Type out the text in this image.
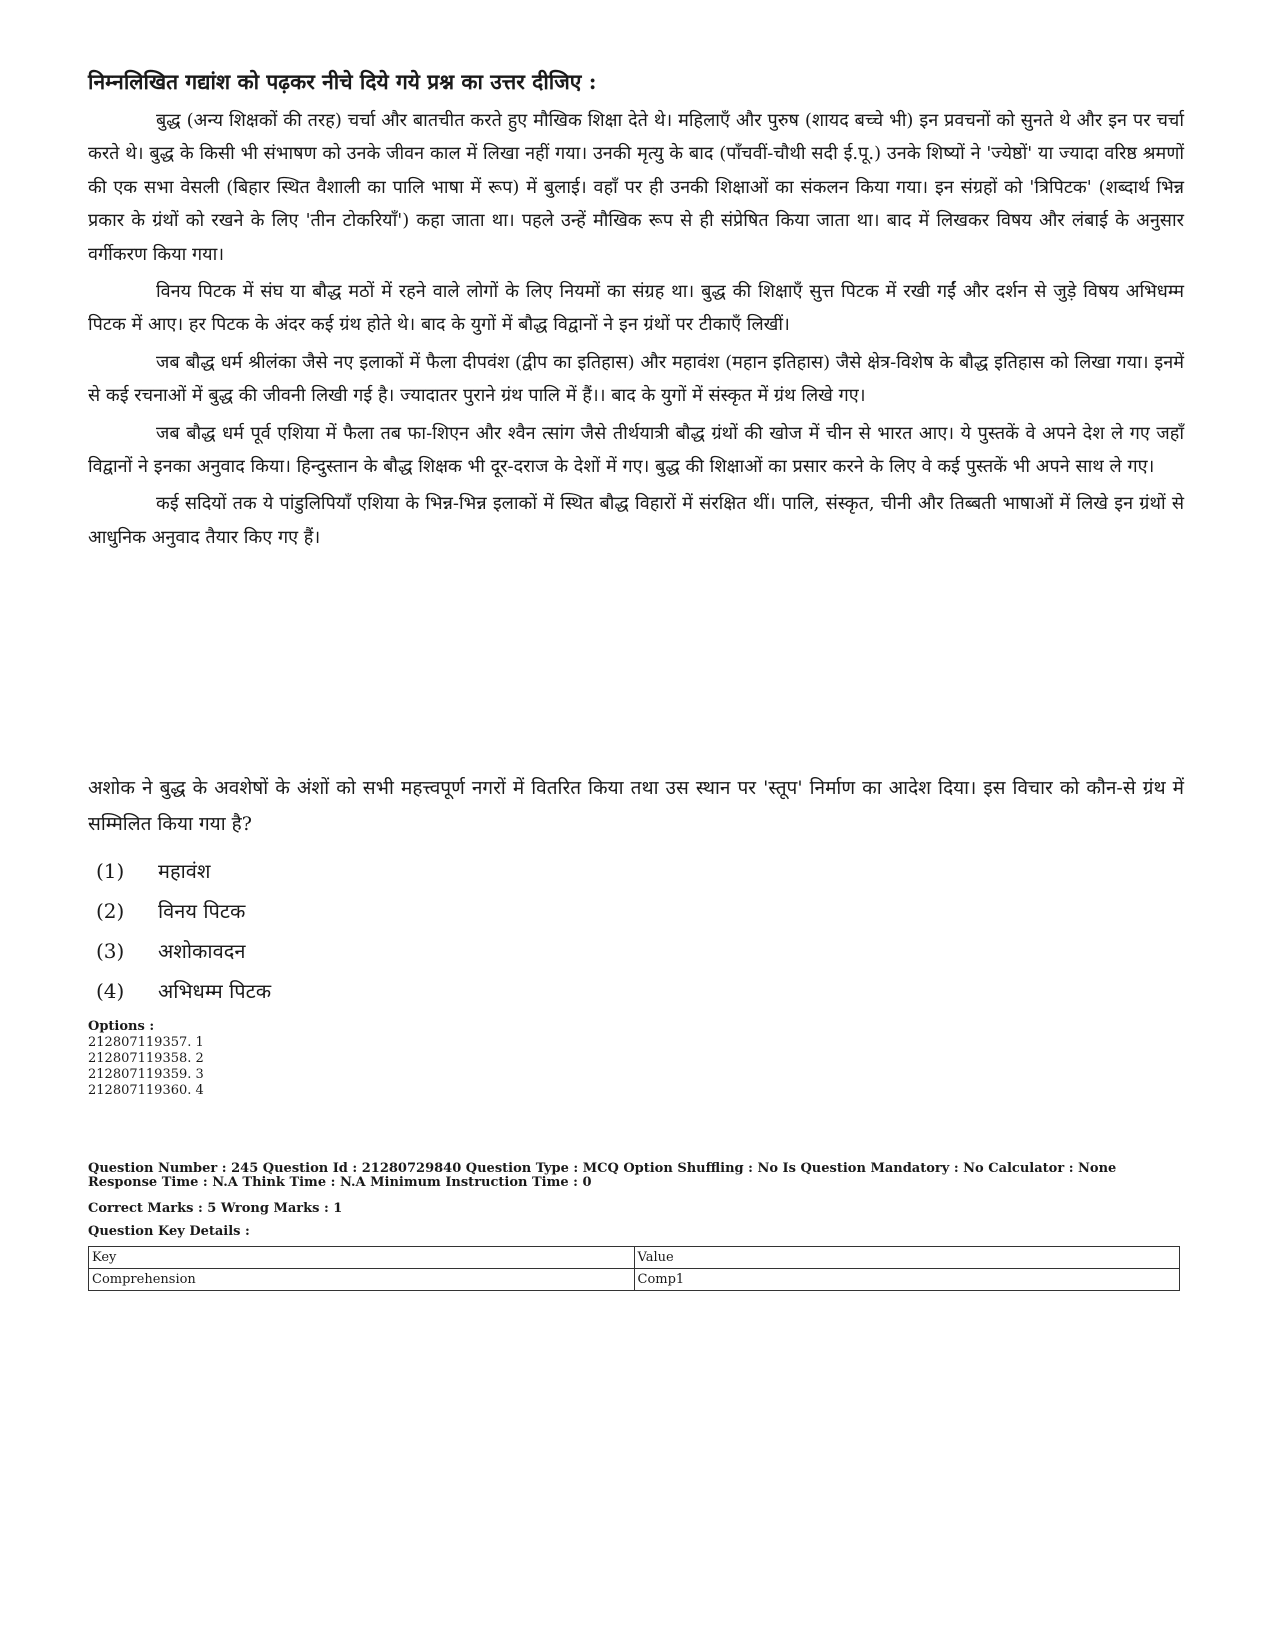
निम्नलिखित गद्यांश को पढ़कर नीचे दिये गये प्रश्न का उत्तर दीजिए :

बुद्ध (अन्य शिक्षकों की तरह) चर्चा और बातचीत करते हुए मौखिक शिक्षा देते थे। महिलाएँ और पुरुष (शायद बच्चे भी) इन प्रवचनों को सुनते थे और इन पर चर्चा करते थे। बुद्ध के किसी भी संभाषण को उनके जीवन काल में लिखा नहीं गया। उनकी मृत्यु के बाद (पाँचवीं-चौथी सदी ई.पू.) उनके शिष्यों ने 'ज्येष्ठों' या ज्यादा वरिष्ठ श्रमणों की एक सभा वेसली (बिहार स्थित वैशाली का पालि भाषा में रूप) में बुलाई। वहाँ पर ही उनकी शिक्षाओं का संकलन किया गया। इन संग्रहों को 'त्रिपिटक' (शब्दार्थ भिन्न प्रकार के ग्रंथों को रखने के लिए 'तीन टोकरियाँ') कहा जाता था। पहले उन्हें मौखिक रूप से ही संप्रेषित किया जाता था। बाद में लिखकर विषय और लंबाई के अनुसार वर्गीकरण किया गया।

विनय पिटक में संघ या बौद्ध मठों में रहने वाले लोगों के लिए नियमों का संग्रह था। बुद्ध की शिक्षाएँ सुत्त पिटक में रखी गईं और दर्शन से जुड़े विषय अभिधम्म पिटक में आए। हर पिटक के अंदर कई ग्रंथ होते थे। बाद के युगों में बौद्ध विद्वानों ने इन ग्रंथों पर टीकाएँ लिखीं।

जब बौद्ध धर्म श्रीलंका जैसे नए इलाकों में फैला दीपवंश (द्वीप का इतिहास) और महावंश (महान इतिहास) जैसे क्षेत्र-विशेष के बौद्ध इतिहास को लिखा गया। इनमें से कई रचनाओं में बुद्ध की जीवनी लिखी गई है। ज्यादातर पुराने ग्रंथ पालि में हैं।। बाद के युगों में संस्कृत में ग्रंथ लिखे गए।

जब बौद्ध धर्म पूर्व एशिया में फैला तब फा-शिएन और श्वैन त्सांग जैसे तीर्थयात्री बौद्ध ग्रंथों की खोज में चीन से भारत आए। ये पुस्तकें वे अपने देश ले गए जहाँ विद्वानों ने इनका अनुवाद किया। हिन्दुस्तान के बौद्ध शिक्षक भी दूर-दराज के देशों में गए। बुद्ध की शिक्षाओं का प्रसार करने के लिए वे कई पुस्तकें भी अपने साथ ले गए।

कई सदियों तक ये पांडुलिपियाँ एशिया के भिन्न-भिन्न इलाकों में स्थित बौद्ध विहारों में संरक्षित थीं। पालि, संस्कृत, चीनी और तिब्बती भाषाओं में लिखे इन ग्रंथों से आधुनिक अनुवाद तैयार किए गए हैं।

अशोक ने बुद्ध के अवशेषों के अंशों को सभी महत्त्वपूर्ण नगरों में वितरित किया तथा उस स्थान पर 'स्तूप' निर्माण का आदेश दिया। इस विचार को कौन-से ग्रंथ में सम्मिलित किया गया है?

(1) महावंश
(2) विनय पिटक
(3) अशोकावदन
(4) अभिधम्म पिटक

Options :

212807119357. 1

212807119358. 2

212807119359. 3

212807119360. 4

Question Number : 245 Question Id : 21280729840 Question Type : MCQ Option Shuffling : No Is Question Mandatory : No Calculator : None

Response Time : N.A Think Time : N.A Minimum Instruction Time : 0

Correct Marks : 5 Wrong Marks : 1

Question Key Details :

Key	Value
Comprehension	Comp1
